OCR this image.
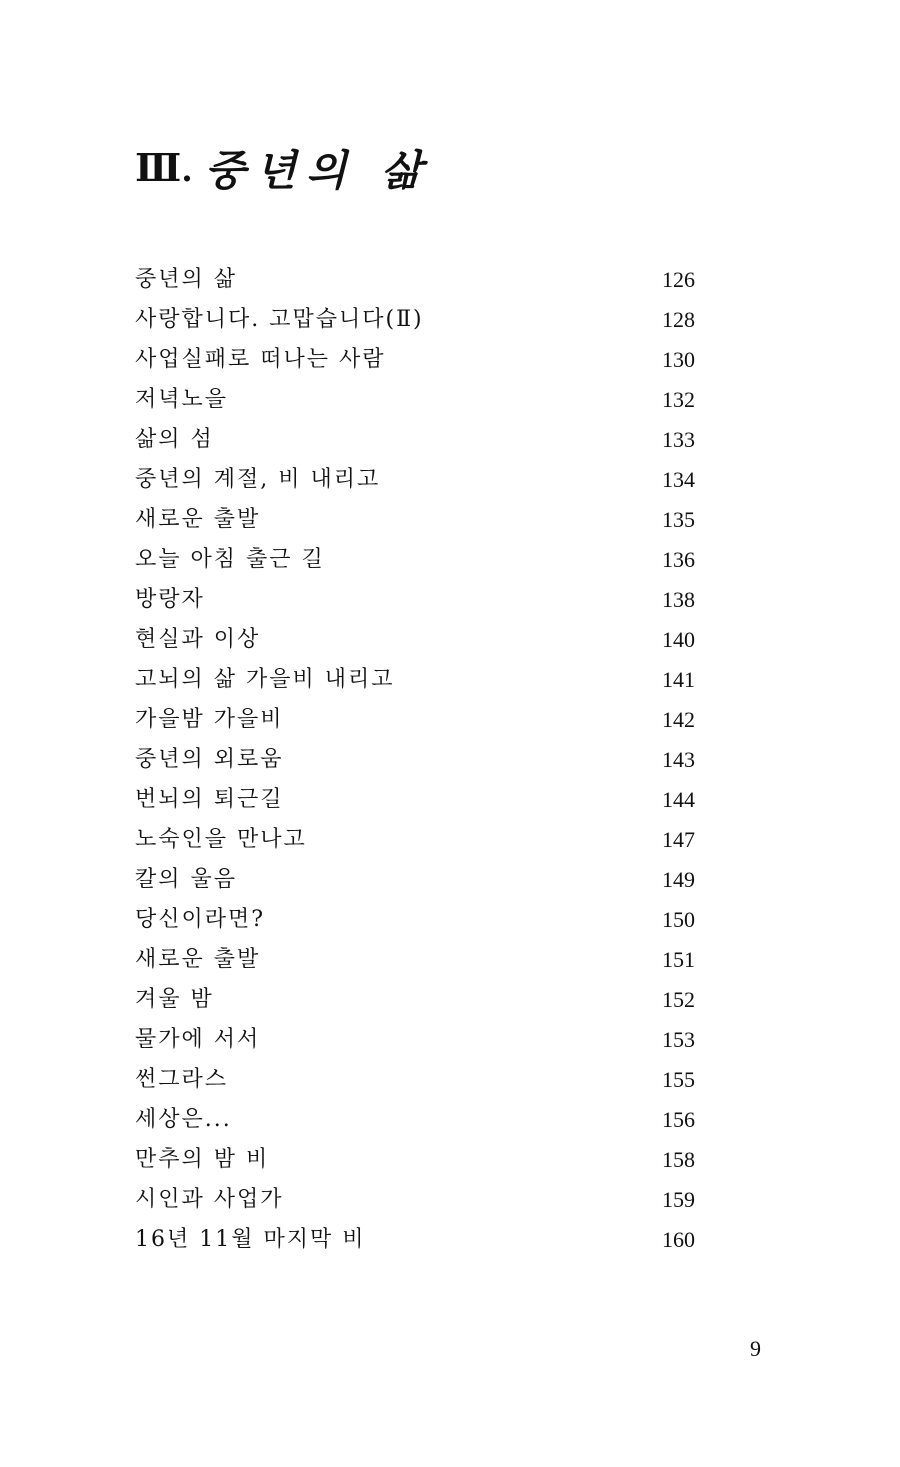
Ⅲ. 중년의 삶
중년의 삶	126
사랑합니다. 고맙습니다(Ⅱ)	128
사업실패로 떠나는 사람	130
저녁노을	132
삶의 섬	133
중년의 계절, 비 내리고	134
새로운 출발	135
오늘 아침 출근 길	136
방랑자	138
현실과 이상	140
고뇌의 삶 가을비 내리고	141
가을밤 가을비	142
중년의 외로움	143
번뇌의 퇴근길	144
노숙인을 만나고	147
칼의 울음	149
당신이라면?	150
새로운 출발	151
겨울 밤	152
물가에 서서	153
썬그라스	155
세상은...	156
만추의 밤 비	158
시인과 사업가	159
16년 11월 마지막 비	160
9
